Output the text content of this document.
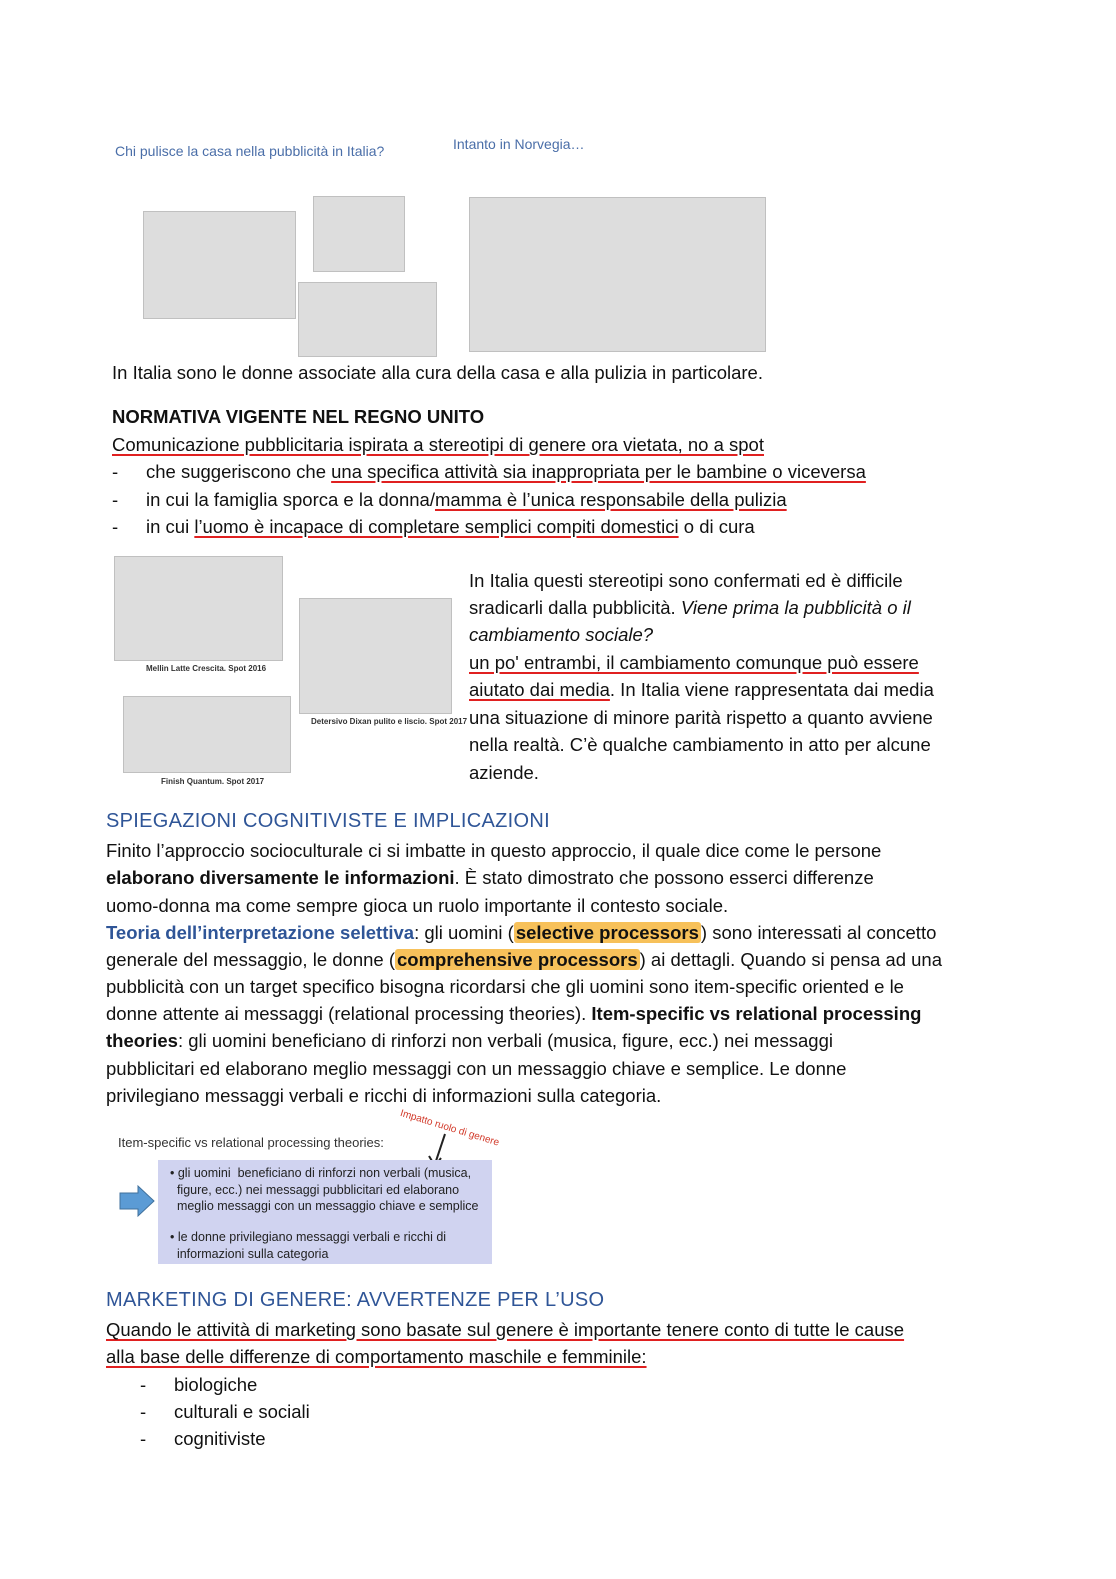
Chi pulisce la casa nella pubblicità in Italia?	Intanto in Norvegia…
In Italia sono le donne associate alla cura della casa e alla pulizia in particolare.
NORMATIVA VIGENTE NEL REGNO UNITO
Comunicazione pubblicitaria ispirata a stereotipi di genere ora vietata, no a spot
- che suggeriscono che una specifica attività sia inappropriata per le bambine o viceversa
- in cui la famiglia sporca e la donna/mamma è l’unica responsabile della pulizia
- in cui l’uomo è incapace di completare semplici compiti domestici o di cura
Mellin Latte Crescita. Spot 2016
Detersivo Dixan pulito e liscio. Spot 2017
Finish Quantum. Spot 2017
In Italia questi stereotipi sono confermati ed è difficile
sradicarli dalla pubblicità. Viene prima la pubblicità o il
cambiamento sociale?
un po' entrambi, il cambiamento comunque può essere
aiutato dai media. In Italia viene rappresentata dai media
una situazione di minore parità rispetto a quanto avviene
nella realtà. C’è qualche cambiamento in atto per alcune
aziende.
SPIEGAZIONI COGNITIVISTE E IMPLICAZIONI
Finito l’approccio socioculturale ci si imbatte in questo approccio, il quale dice come le persone
elaborano diversamente le informazioni. È stato dimostrato che possono esserci differenze
uomo-donna ma come sempre gioca un ruolo importante il contesto sociale.
Teoria dell’interpretazione selettiva: gli uomini ( selective processors ) sono interessati al concetto
generale del messaggio, le donne ( comprehensive processors ) ai dettagli. Quando si pensa ad una
pubblicità con un target specifico bisogna ricordarsi che gli uomini sono item-specific oriented e le
donne attente ai messaggi (relational processing theories). Item-specific vs relational processing
theories: gli uomini beneficiano di rinforzi non verbali (musica, figure, ecc.) nei messaggi
pubblicitari ed elaborano meglio messaggi con un messaggio chiave e semplice. Le donne
privilegiano messaggi verbali e ricchi di informazioni sulla categoria.
Item-specific vs relational processing theories: Impatto ruolo di genere
• gli uomini  beneficiano di rinforzi non verbali (musica,
figure, ecc.) nei messaggi pubblicitari ed elaborano
meglio messaggi con un messaggio chiave e semplice
• le donne privilegiano messaggi verbali e ricchi di
informazioni sulla categoria
MARKETING DI GENERE: AVVERTENZE PER L’USO
Quando le attività di marketing sono basate sul genere è importante tenere conto di tutte le cause
alla base delle differenze di comportamento maschile e femminile:
- biologiche
- culturali e sociali
- cognitiviste
